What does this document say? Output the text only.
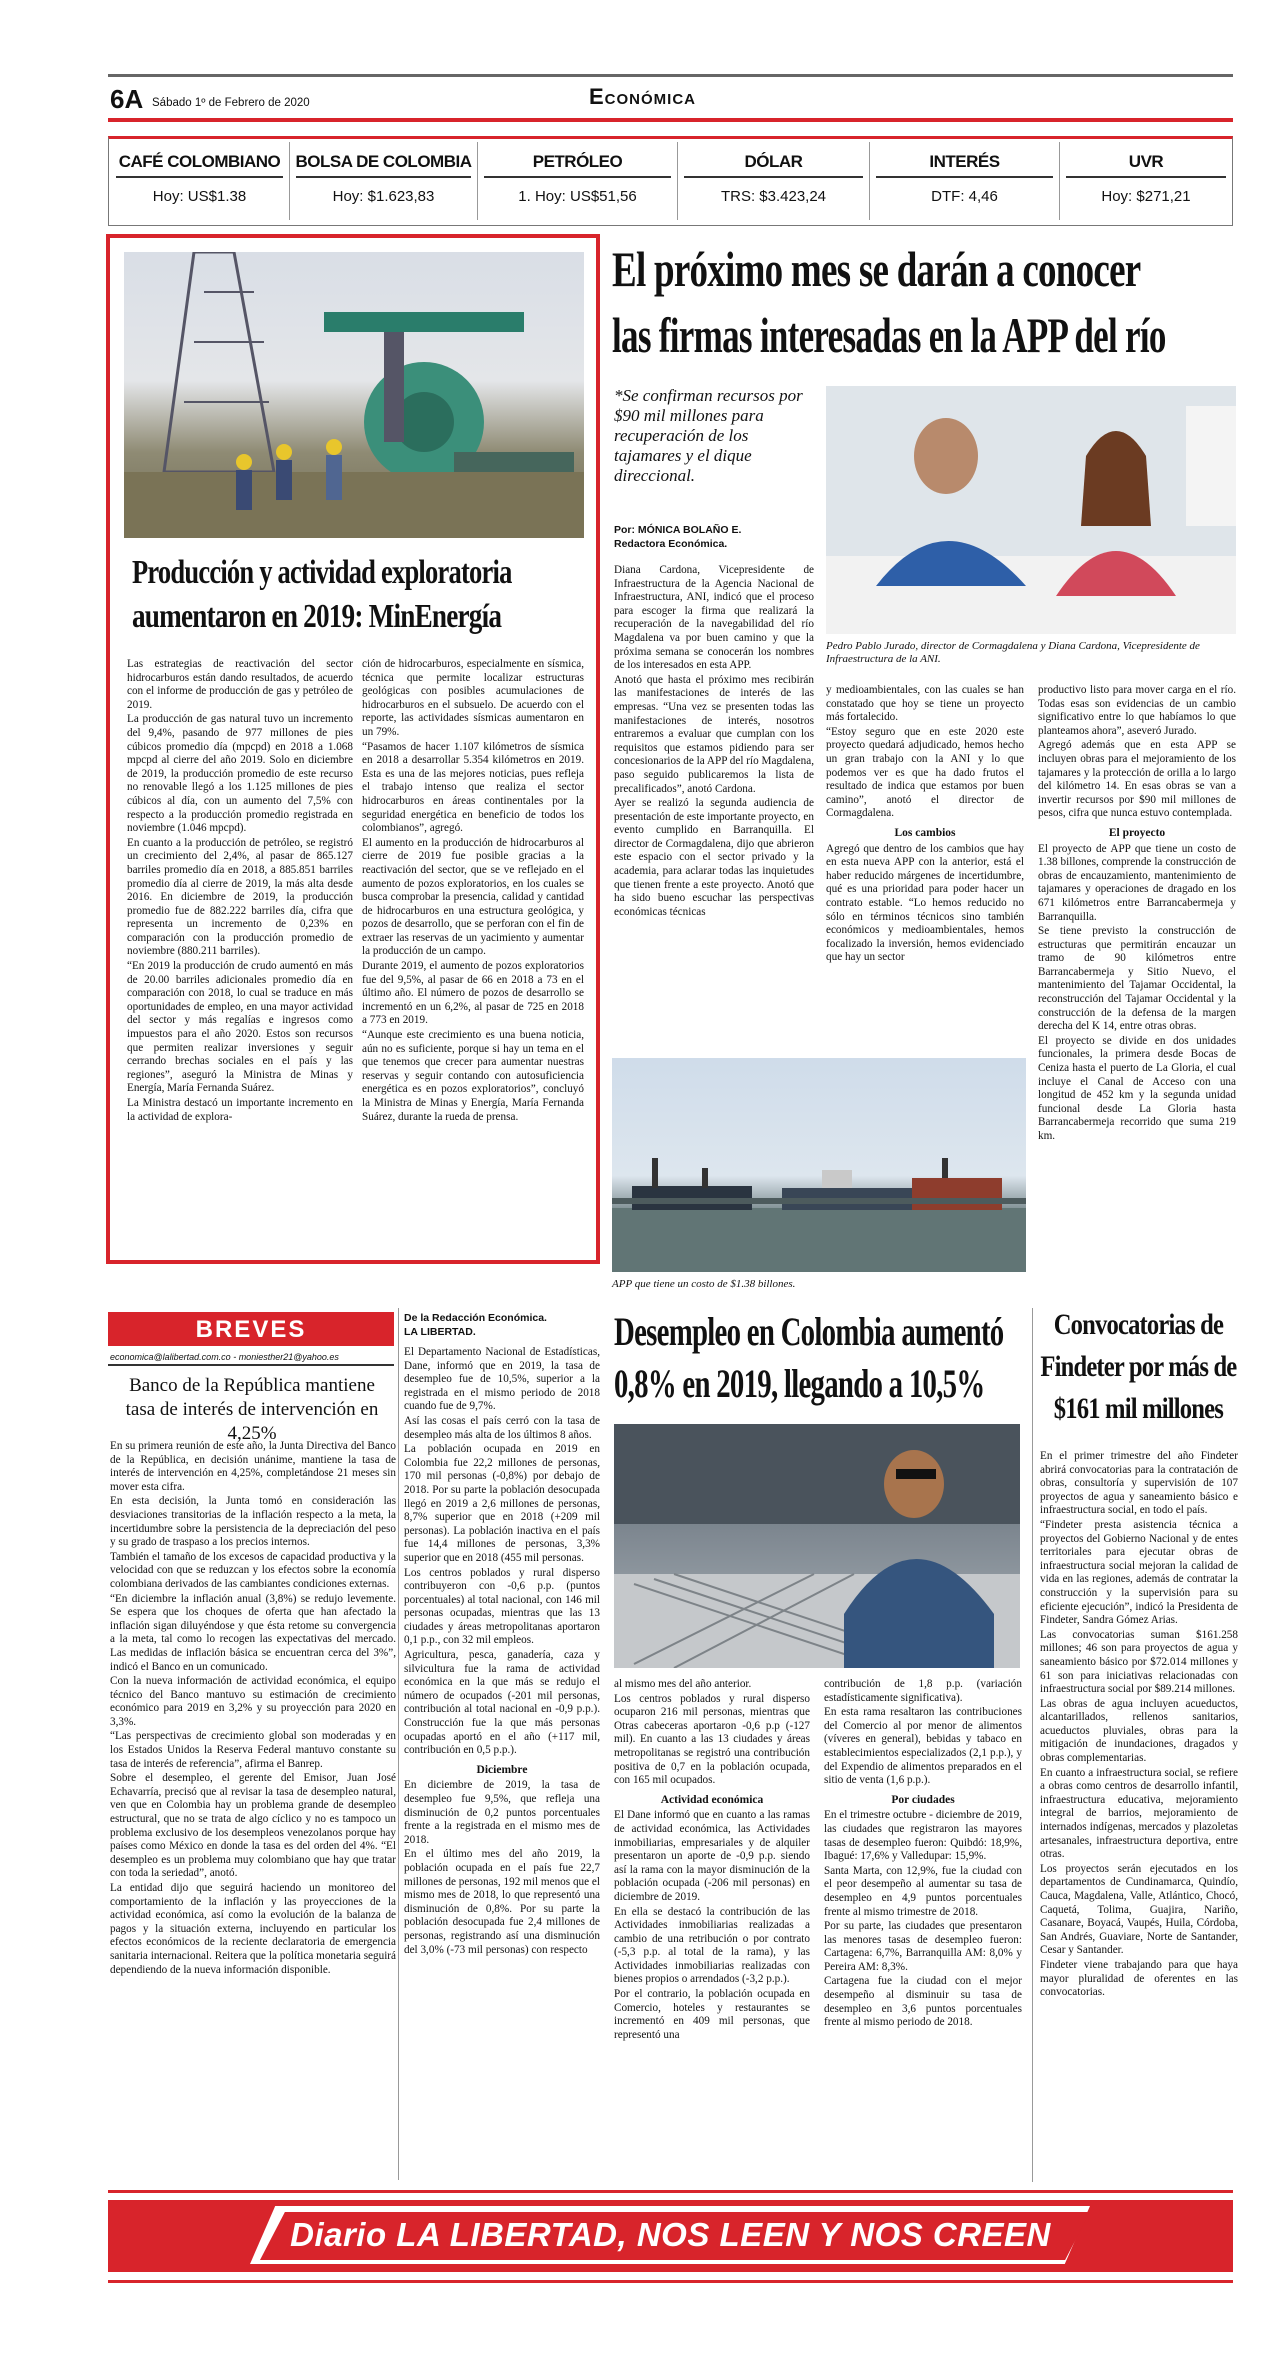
6A Sábado 1º de Febrero de 2020	Económica
CAFÉ COLOMBIANO
Hoy: US$1.38
BOLSA DE COLOMBIA
Hoy: $1.623,83
PETRÓLEO
1. Hoy: US$51,56
DÓLAR
TRS: $3.423,24
INTERÉS
DTF: 4,46
UVR
Hoy: $271,21
Producción y actividad exploratoria
aumentaron en 2019: MinEnergía

Las estrategias de reactivación del sector hidrocarburos están dando resultados, de acuerdo con el informe de producción de gas y petróleo de 2019.

La producción de gas natural tuvo un incremento del 9,4%, pasando de 977 millones de pies cúbicos promedio día (mpcpd) en 2018 a 1.068 mpcpd al cierre del año 2019. Solo en diciembre de 2019, la producción promedio de este recurso no renovable llegó a los 1.125 millones de pies cúbicos al día, con un aumento del 7,5% con respecto a la producción promedio registrada en noviembre (1.046 mpcpd).

En cuanto a la producción de petróleo, se registró un crecimiento del 2,4%, al pasar de 865.127 barriles promedio día en 2018, a 885.851 barriles promedio día al cierre de 2019, la más alta desde 2016. En diciembre de 2019, la producción promedio fue de 882.222 barriles día, cifra que representa un incremento de 0,23% en comparación con la producción promedio de noviembre (880.211 barriles).

“En 2019 la producción de crudo aumentó en más de 20.00 barriles adicionales promedio día en comparación con 2018, lo cual se traduce en más oportunidades de empleo, en una mayor actividad del sector y más regalías e ingresos como impuestos para el año 2020. Estos son recursos que permiten realizar inversiones y seguir cerrando brechas sociales en el país y las regiones”, aseguró la Ministra de Minas y Energía, María Fernanda Suárez.

La Ministra destacó un importante incremento en la actividad de explora-

ción de hidrocarburos, especialmente en sísmica, técnica que permite localizar estructuras geológicas con posibles acumulaciones de hidrocarburos en el subsuelo. De acuerdo con el reporte, las actividades sísmicas aumentaron en un 79%.

“Pasamos de hacer 1.107 kilómetros de sísmica en 2018 a desarrollar 5.354 kilómetros en 2019. Esta es una de las mejores noticias, pues refleja el trabajo intenso que realiza el sector hidrocarburos en áreas continentales por la seguridad energética en beneficio de todos los colombianos”, agregó.

El aumento en la producción de hidrocarburos al cierre de 2019 fue posible gracias a la reactivación del sector, que se ve reflejado en el aumento de pozos exploratorios, en los cuales se busca comprobar la presencia, calidad y cantidad de hidrocarburos en una estructura geológica, y pozos de desarrollo, que se perforan con el fin de extraer las reservas de un yacimiento y aumentar la producción de un campo.

Durante 2019, el aumento de pozos exploratorios fue del 9,5%, al pasar de 66 en 2018 a 73 en el último año. El número de pozos de desarrollo se incrementó en un 6,2%, al pasar de 725 en 2018 a 773 en 2019.

“Aunque este crecimiento es una buena noticia, aún no es suficiente, porque si hay un tema en el que tenemos que crecer para aumentar nuestras reservas y seguir contando con autosuficiencia energética es en pozos exploratorios”, concluyó la Ministra de Minas y Energía, María Fernanda Suárez, durante la rueda de prensa.

El próximo mes se darán a conocer
las firmas interesadas en la APP del río
*Se confirman recursos por $90 mil millones para recuperación de los tajamares y el dique direccional.
Por: MÓNICA BOLAÑO E.
Redactora Económica.
Pedro Pablo Jurado, director de Cormagdalena y Diana Cardona, Vicepresidente de Infraestructura de la ANI.

Diana Cardona, Vicepresidente de Infraestructura de la Agencia Nacional de Infraestructura, ANI, indicó que el proceso para escoger la firma que realizará la recuperación de la navegabilidad del río Magdalena va por buen camino y que la próxima semana se conocerán los nombres de los interesados en esta APP.

Anotó que hasta el próximo mes recibirán las manifestaciones de interés de las empresas. “Una vez se presenten todas las manifestaciones de interés, nosotros entraremos a evaluar que cumplan con los requisitos que estamos pidiendo para ser concesionarios de la APP del río Magdalena, paso seguido publicaremos la lista de precalificados”, anotó Cardona.

Ayer se realizó la segunda audiencia de presentación de este importante proyecto, en evento cumplido en Barranquilla. El director de Cormagdalena, dijo que abrieron este espacio con el sector privado y la academia, para aclarar todas las inquietudes que tienen frente a este proyecto. Anotó que ha sido bueno escuchar las perspectivas económicas técnicas

y medioambientales, con las cuales se han constatado que hoy se tiene un proyecto más fortalecido.

“Estoy seguro que en este 2020 este proyecto quedará adjudicado, hemos hecho un gran trabajo con la ANI y lo que podemos ver es que ha dado frutos el resultado de indica que estamos por buen camino”, anotó el director de Cormagdalena.

Los cambios

Agregó que dentro de los cambios que hay en esta nueva APP con la anterior, está el haber reducido márgenes de incertidumbre, qué es una prioridad para poder hacer un contrato estable. “Lo hemos reducido no sólo en términos técnicos sino también económicos y medioambientales, hemos focalizado la inversión, hemos evidenciado que hay un sector

productivo listo para mover carga en el río. Todas esas son evidencias de un cambio significativo entre lo que habíamos lo que planteamos ahora”, aseveró Jurado.

Agregó además que en esta APP se incluyen obras para el mejoramiento de los tajamares y la protección de orilla a lo largo del kilómetro 14. En esas obras se van a invertir recursos por $90 mil millones de pesos, cifra que nunca estuvo contemplada.

El proyecto

El proyecto de APP que tiene un costo de 1.38 billones, comprende la construcción de obras de encauzamiento, mantenimiento de tajamares y operaciones de dragado en los 671 kilómetros entre Barrancabermeja y Barranquilla.

Se tiene previsto la construcción de estructuras que permitirán encauzar un tramo de 90 kilómetros entre Barrancabermeja y Sitio Nuevo, el mantenimiento del Tajamar Occidental, la reconstrucción del Tajamar Occidental y la construcción de la defensa de la margen derecha del K 14, entre otras obras.

El proyecto se divide en dos unidades funcionales, la primera desde Bocas de Ceniza hasta el puerto de La Gloria, el cual incluye el Canal de Acceso con una longitud de 452 km y la segunda unidad funcional desde La Gloria hasta Barrancabermeja recorrido que suma 219 km.

APP que tiene un costo de $1.38 billones.
BREVES
economica@lalibertad.com.co - moniesther21@yahoo.es
Banco de la República mantiene tasa de interés de intervención en 4,25%

En su primera reunión de este año, la Junta Directiva del Banco de la República, en decisión unánime, mantiene la tasa de interés de intervención en 4,25%, completándose 21 meses sin mover esta cifra.

En esta decisión, la Junta tomó en consideración las desviaciones transitorias de la inflación respecto a la meta, la incertidumbre sobre la persistencia de la depreciación del peso y su grado de traspaso a los precios internos.

También el tamaño de los excesos de capacidad productiva y la velocidad con que se reduzcan y los efectos sobre la economía colombiana derivados de las cambiantes condiciones externas.

“En diciembre la inflación anual (3,8%) se redujo levemente. Se espera que los choques de oferta que han afectado la inflación sigan diluyéndose y que ésta retome su convergencia a la meta, tal como lo recogen las expectativas del mercado. Las medidas de inflación básica se encuentran cerca del 3%”, indicó el Banco en un comunicado.

Con la nueva información de actividad económica, el equipo técnico del Banco mantuvo su estimación de crecimiento económico para 2019 en 3,2% y su proyección para 2020 en 3,3%.

“Las perspectivas de crecimiento global son moderadas y en los Estados Unidos la Reserva Federal mantuvo constante su tasa de interés de referencia”, afirma el Banrep.

Sobre el desempleo, el gerente del Emisor, Juan José Echavarría, precisó que al revisar la tasa de desempleo natural, ven que en Colombia hay un problema grande de desempleo estructural, que no se trata de algo cíclico y no es tampoco un problema exclusivo de los desempleos venezolanos porque hay países como México en donde la tasa es del orden del 4%. “El desempleo es un problema muy colombiano que hay que tratar con toda la seriedad”, anotó.

La entidad dijo que seguirá haciendo un monitoreo del comportamiento de la inflación y las proyecciones de la actividad económica, así como la evolución de la balanza de pagos y la situación externa, incluyendo en particular los efectos económicos de la reciente declaratoria de emergencia sanitaria internacional. Reitera que la política monetaria seguirá dependiendo de la nueva información disponible.

De la Redacción Económica.
LA LIBERTAD.

El Departamento Nacional de Estadísticas, Dane, informó que en 2019, la tasa de desempleo fue de 10,5%, superior a la registrada en el mismo periodo de 2018 cuando fue de 9,7%.

Así las cosas el país cerró con la tasa de desempleo más alta de los últimos 8 años.

La población ocupada en 2019 en Colombia fue 22,2 millones de personas, 170 mil personas (-0,8%) por debajo de 2018. Por su parte la población desocupada llegó en 2019 a 2,6 millones de personas, 8,7% superior que en 2018 (+209 mil personas). La población inactiva en el país fue 14,4 millones de personas, 3,3% superior que en 2018 (455 mil personas.

Los centros poblados y rural disperso contribuyeron con -0,6 p.p. (puntos porcentuales) al total nacional, con 146 mil personas ocupadas, mientras que las 13 ciudades y áreas metropolitanas aportaron 0,1 p.p., con 32 mil empleos.

Agricultura, pesca, ganadería, caza y silvicultura fue la rama de actividad económica en la que más se redujo el número de ocupados (-201 mil personas, contribución al total nacional en -0,9 p.p.). Construcción fue la que más personas ocupadas aportó en el año (+117 mil, contribución en 0,5 p.p.).

Diciembre

En diciembre de 2019, la tasa de desempleo fue 9,5%, que refleja una disminución de 0,2 puntos porcentuales frente a la registrada en el mismo mes de 2018.

En el último mes del año 2019, la población ocupada en el país fue 22,7 millones de personas, 192 mil menos que el mismo mes de 2018, lo que representó una disminución de 0,8%. Por su parte la población desocupada fue 2,4 millones de personas, registrando así una disminución del 3,0% (-73 mil personas) con respecto

Desempleo en Colombia aumentó
0,8% en 2019, llegando a 10,5%

al mismo mes del año anterior.

Los centros poblados y rural disperso ocuparon 216 mil personas, mientras que Otras cabeceras aportaron -0,6 p.p (-127 mil). En cuanto a las 13 ciudades y áreas metropolitanas se registró una contribución positiva de 0,7 en la población ocupada, con 165 mil ocupados.

Actividad económica

El Dane informó que en cuanto a las ramas de actividad económica, las Actividades inmobiliarias, empresariales y de alquiler presentaron un aporte de -0,9 p.p. siendo así la rama con la mayor disminución de la población ocupada (-206 mil personas) en diciembre de 2019.

En ella se destacó la contribución de las Actividades inmobiliarias realizadas a cambio de una retribución o por contrato (-5,3 p.p. al total de la rama), y las Actividades inmobiliarias realizadas con bienes propios o arrendados (-3,2 p.p.).

Por el contrario, la población ocupada en Comercio, hoteles y restaurantes se incrementó en 409 mil personas, que representó una

contribución de 1,8 p.p. (variación estadísticamente significativa).

En esta rama resaltaron las contribuciones del Comercio al por menor de alimentos (víveres en general), bebidas y tabaco en establecimientos especializados (2,1 p.p.), y del Expendio de alimentos preparados en el sitio de venta (1,6 p.p.).

Por ciudades

En el trimestre octubre - diciembre de 2019, las ciudades que registraron las mayores tasas de desempleo fueron: Quibdó: 18,9%, Ibagué: 17,6% y Valledupar: 15,9%.

Santa Marta, con 12,9%, fue la ciudad con el peor desempeño al aumentar su tasa de desempleo en 4,9 puntos porcentuales frente al mismo trimestre de 2018.

Por su parte, las ciudades que presentaron las menores tasas de desempleo fueron: Cartagena: 6,7%, Barranquilla AM: 8,0% y Pereira AM: 8,3%.

Cartagena fue la ciudad con el mejor desempeño al disminuir su tasa de desempleo en 3,6 puntos porcentuales frente al mismo periodo de 2018.

Convocatorias de
Findeter por más de
$161 mil millones

En el primer trimestre del año Findeter abrirá convocatorias para la contratación de obras, consultoría y supervisión de 107 proyectos de agua y saneamiento básico e infraestructura social, en todo el país.

“Findeter presta asistencia técnica a proyectos del Gobierno Nacional y de entes territoriales para ejecutar obras de infraestructura social mejoran la calidad de vida en las regiones, además de contratar la construcción y la supervisión para su eficiente ejecución”, indicó la Presidenta de Findeter, Sandra Gómez Arias.

Las convocatorias suman $161.258 millones; 46 son para proyectos de agua y saneamiento básico por $72.014 millones y 61 son para iniciativas relacionadas con infraestructura social por $89.214 millones.

Las obras de agua incluyen acueductos, alcantarillados, rellenos sanitarios, acueductos pluviales, obras para la mitigación de inundaciones, dragados y obras complementarias.

En cuanto a infraestructura social, se refiere a obras como centros de desarrollo infantil, infraestructura educativa, mejoramiento integral de barrios, mejoramiento de internados indígenas, mercados y plazoletas artesanales, infraestructura deportiva, entre otras.

Los proyectos serán ejecutados en los departamentos de Cundinamarca, Quindío, Cauca, Magdalena, Valle, Atlántico, Chocó, Caquetá, Tolima, Guajira, Nariño, Casanare, Boyacá, Vaupés, Huila, Córdoba, San Andrés, Guaviare, Norte de Santander, Cesar y Santander.

Findeter viene trabajando para que haya mayor pluralidad de oferentes en las convocatorias.

Diario LA LIBERTAD, NOS LEEN Y NOS CREEN
